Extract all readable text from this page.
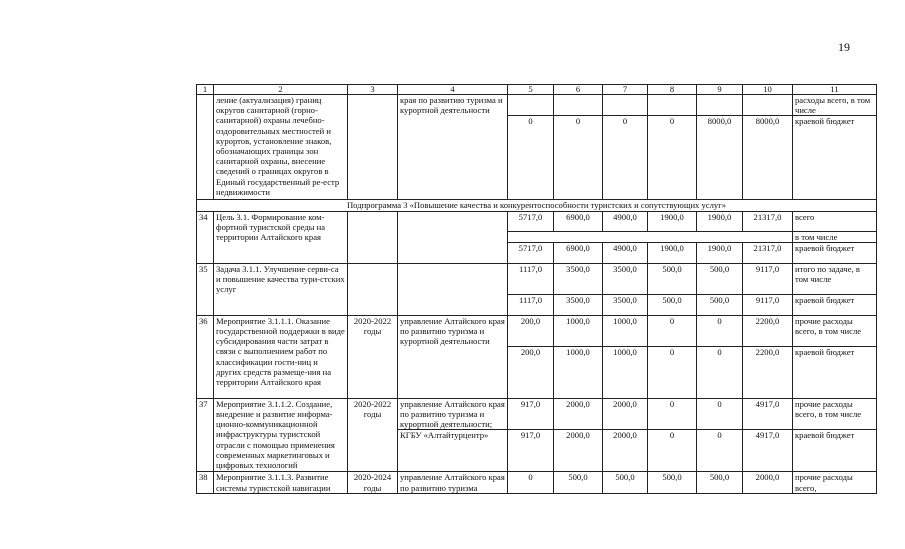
19
1	2	3	4	5	6	7	8	9	10	11
	ление (актуализация) границ округов санитарной (горно-санитарной) охраны лечебно-оздоровительных местностей и курортов, установление знаков, обозначающих границы зон санитарной охраны, внесение сведений о границах округов в Единый государственный ре-естр недвижимости		края по развитию туризма и курортной деятельности							расходы всего, в том числе
				0	0	0	0	8000,0	8000,0	краевой бюджет
Подпрограмма 3 «Повышение качества и конкурентоспособности туристских и сопутствующих услуг»										
34	Цель 3.1. Формирование ком-фортной туристской среды на территории Алтайского края			5717,0	6900,0	4900,0	1900,0	1900,0	21317,0	всего
										в том числе
				5717,0	6900,0	4900,0	1900,0	1900,0	21317,0	краевой бюджет
35	Задача 3.1.1. Улучшение серви-са и повышение качества тури-стских услуг			1117,0	3500,0	3500,0	500,0	500,0	9117,0	итого по задаче, в том числе
				1117,0	3500,0	3500,0	500,0	500,0	9117,0	краевой бюджет
36	Мероприятие 3.1.1.1. Оказание государственной поддержки в виде субсидирования части затрат в связи с выполнением работ по классификации гости-ниц и других средств размеще-ния на территории Алтайского края	2020-2022 годы	управление Алтайского края по развитию туризма и курортной деятельности	200,0	1000,0	1000,0	0	0	2200,0	прочие расходы всего, в том числе
				200,0	1000,0	1000,0	0	0	2200,0	краевой бюджет
37	Мероприятие 3.1.1.2. Создание, внедрение и развитие информа-ционно-коммуникационной инфраструктуры туристской отрасли с помощью применения современных маркетинговых и цифровых технологий	2020-2022 годы	управление Алтайского края по развитию туризма и курортной деятельности;	917,0	2000,0	2000,0	0	0	4917,0	прочие расходы всего, в том числе
			КГБУ «Алтайтурцентр»	917,0	2000,0	2000,0	0	0	4917,0	краевой бюджет
38	Мероприятие 3.1.1.3. Развитие системы туристской навигации	2020-2024 годы	управление Алтайского края по развитию туризма	0	500,0	500,0	500,0	500,0	2000,0	прочие расходы всего,
